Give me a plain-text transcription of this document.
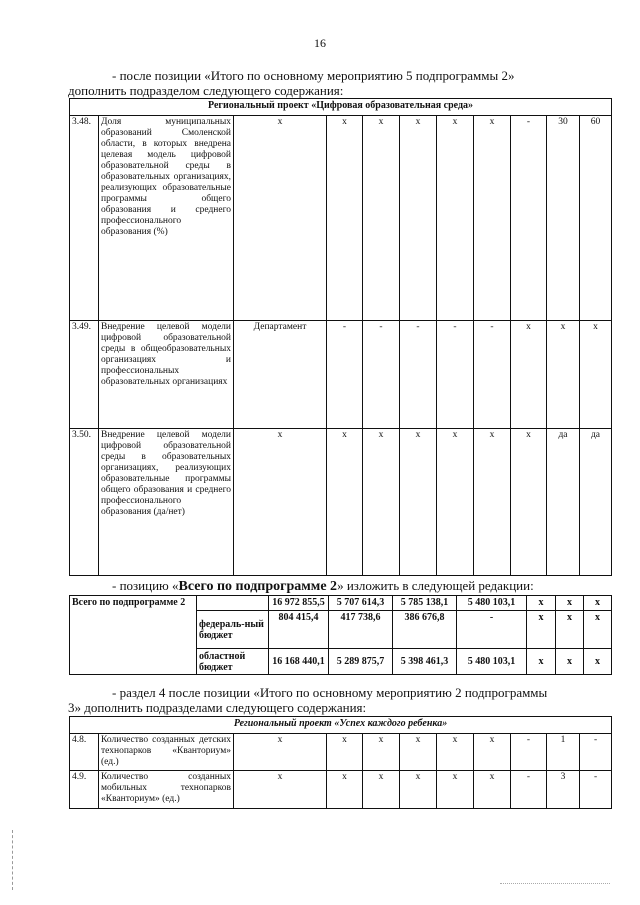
16
- после позиции «Итого по основному мероприятию 5 подпрограммы 2»
дополнить подразделом следующего содержания:
Региональный проект «Цифровая образовательная среда»										
3.48.	Доля муниципальных образований Смоленской области, в которых внедрена целевая модель цифровой образовательной среды в образовательных организациях, реализующих образовательные программы общего образования и среднего профессионального образования (%)	х	х	х	х	х	х	-	30	60
3.49.	Внедрение целевой модели цифровой образовательной среды в общеобразовательных организациях и профессиональных образовательных организациях	Департамент	-	-	-	-	-	х	х	х
3.50.	Внедрение целевой модели цифровой образовательной среды в образовательных организациях, реализующих образовательные программы общего образования и среднего профессионального образования (да/нет)	х	х	х	х	х	х	х	да	да
- позицию «Всего по подпрограмме 2» изложить в следующей редакции:
Всего по подпрограмме 2		16 972 855,5	5 707 614,3	5 785 138,1	5 480 103,1	х	х	х
	федераль-ный бюджет	804 415,4	417 738,6	386 676,8	-	х	х	х
	областной бюджет	16 168 440,1	5 289 875,7	5 398 461,3	5 480 103,1	х	х	х
- раздел 4 после позиции «Итого по основному мероприятию 2 подпрограммы
3» дополнить подразделами следующего содержания:
Региональный проект «Успех каждого ребенка»										
4.8.	Количество созданных детских технопарков «Кванториум» (ед.)	х	х	х	х	х	х	-	1	-
4.9.	Количество созданных мобильных технопарков «Кванториум» (ед.)	х	х	х	х	х	х	-	3	-
